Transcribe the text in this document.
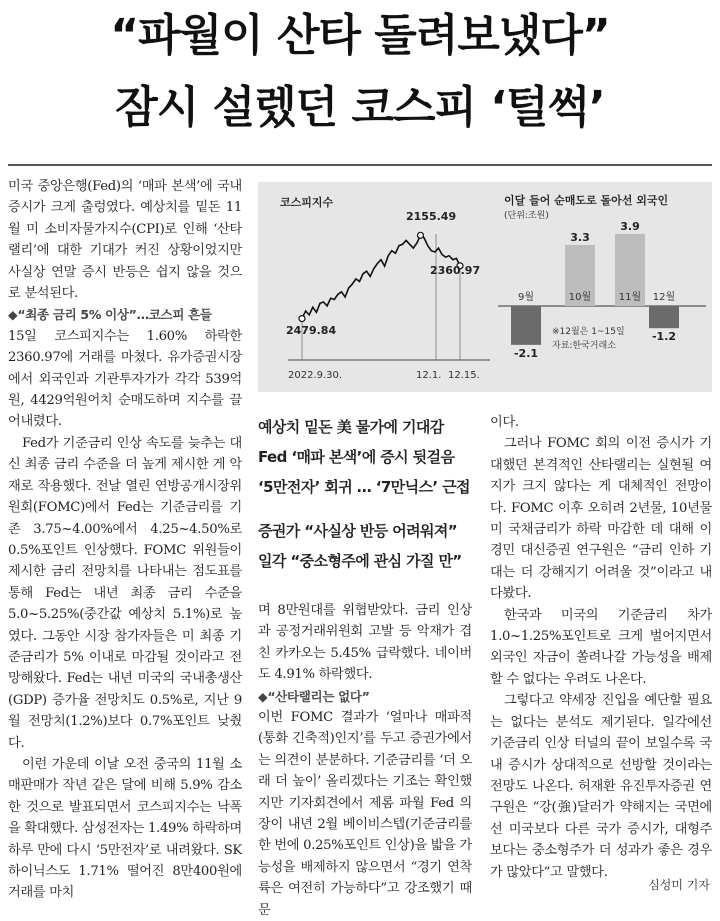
“파월이 산타 돌려보냈다”
잠시 설렜던 코스피 ‘털썩’

미국 중앙은행(Fed)의 ‘매파 본색’에 국내 증시가 크게 출렁였다. 예상치를 밑돈 11월 미 소비자물가지수(CPI)로 인해 ‘산타랠리’에 대한 기대가 커진 상황이었지만 사실상 연말 증시 반등은 쉽지 않을 것으로 분석된다.

◆“최종 금리 5% 이상”…코스피 흔들

15일 코스피지수는 1.60% 하락한 2360.97에 거래를 마쳤다. 유가증권시장에서 외국인과 기관투자가가 각각 539억원, 4429억원어치 순매도하며 지수를 끌어내렸다.

Fed가 기준금리 인상 속도를 늦추는 대신 최종 금리 수준을 더 높게 제시한 게 악재로 작용했다. 전날 열린 연방공개시장위원회(FOMC)에서 Fed는 기준금리를 기존 3.75~4.00%에서 4.25~4.50%로 0.5%포인트 인상했다. FOMC 위원들이 제시한 금리 전망치를 나타내는 점도표를 통해 Fed는 내년 최종 금리 수준을 5.0~5.25%(중간값 예상치 5.1%)로 높였다. 그동안 시장 참가자들은 미 최종 기준금리가 5% 이내로 마감될 것이라고 전망해왔다. Fed는 내년 미국의 국내총생산(GDP) 증가율 전망치도 0.5%로, 지난 9월 전망치(1.2%)보다 0.7%포인트 낮췄다.

이런 가운데 이날 오전 중국의 11월 소매판매가 작년 같은 달에 비해 5.9% 감소한 것으로 발표되면서 코스피지수는 낙폭을 확대했다. 삼성전자는 1.49% 하락하며 하루 만에 다시 ‘5만전자’로 내려왔다. SK하이닉스도 1.71% 떨어진 8만400원에 거래를 마치

코스피지수
2479.84
2155.49
2360.97
2022.9.30.	12.1. 12.15.
이달 들어 순매도로 돌아선 외국인
(단위:조원)
9월
-2.1
3.3
10월
3.9
11월 12월
-1.2
※12월은 1~15일
자료:한국거래소
예상치 밑돈 美 물가에 기대감
Fed ‘매파 본색’에 증시 뒷걸음
‘5만전자’ 회귀 … ‘7만닉스’ 근접
증권가 “사실상 반등 어려워져”
일각 “중소형주에 관심 가질 만”

며 8만원대를 위협받았다. 금리 인상과 공정거래위원회 고발 등 악재가 겹친 카카오는 5.45% 급락했다. 네이버도 4.91% 하락했다.

◆“산타랠리는 없다”

이번 FOMC 결과가 ‘얼마나 매파적(통화 긴축적)인지’를 두고 증권가에서는 의견이 분분하다. 기준금리를 ‘더 오래 더 높이’ 올리겠다는 기조는 확인했지만 기자회견에서 제롬 파월 Fed 의장이 내년 2월 베이비스텝(기준금리를 한 번에 0.25%포인트 인상)을 밟을 가능성을 배제하지 않으면서 “경기 연착륙은 여전히 가능하다”고 강조했기 때문

이다.

그러나 FOMC 회의 이전 증시가 기대했던 본격적인 산타랠리는 실현될 여지가 크지 않다는 게 대체적인 전망이다. FOMC 이후 오히려 2년물, 10년물 미 국채금리가 하락 마감한 데 대해 이경민 대신증권 연구원은 “금리 인하 기대는 더 강해지기 어려울 것”이라고 내다봤다.

한국과 미국의 기준금리 차가 1.0~1.25%포인트로 크게 벌어지면서 외국인 자금이 쏠려나갈 가능성을 배제할 수 없다는 우려도 나온다.

그렇다고 약세장 진입을 예단할 필요는 없다는 분석도 제기된다. 일각에선 기준금리 인상 터널의 끝이 보일수록 국내 증시가 상대적으로 선방할 것이라는 전망도 나온다. 허재환 유진투자증권 연구원은 “강(強)달러가 약해지는 국면에선 미국보다 다른 국가 증시가, 대형주보다는 중소형주가 더 성과가 좋은 경우가 많았다”고 말했다.

심성미 기자
